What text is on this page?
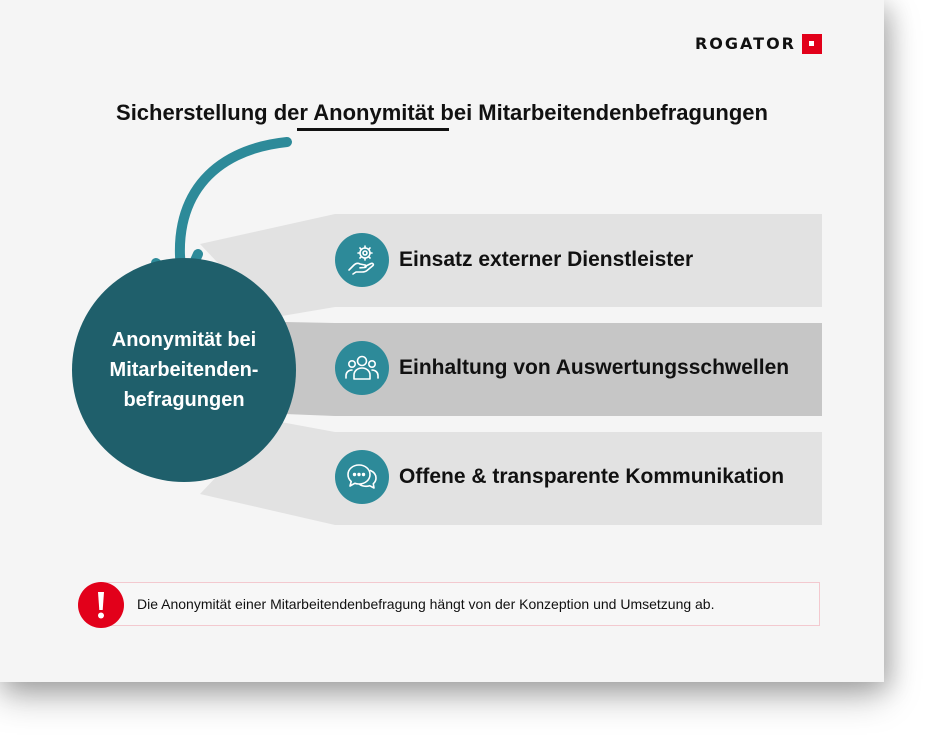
ROGATOR
Sicherstellung der Anonymität bei Mitarbeitendenbefragungen
Anonymität bei
Mitarbeitenden-
befragungen
Einsatz externer Dienstleister
Einhaltung von Auswertungsschwellen
Offene & transparente Kommunikation
Die Anonymität einer Mitarbeitendenbefragung hängt von der Konzeption und Umsetzung ab.
